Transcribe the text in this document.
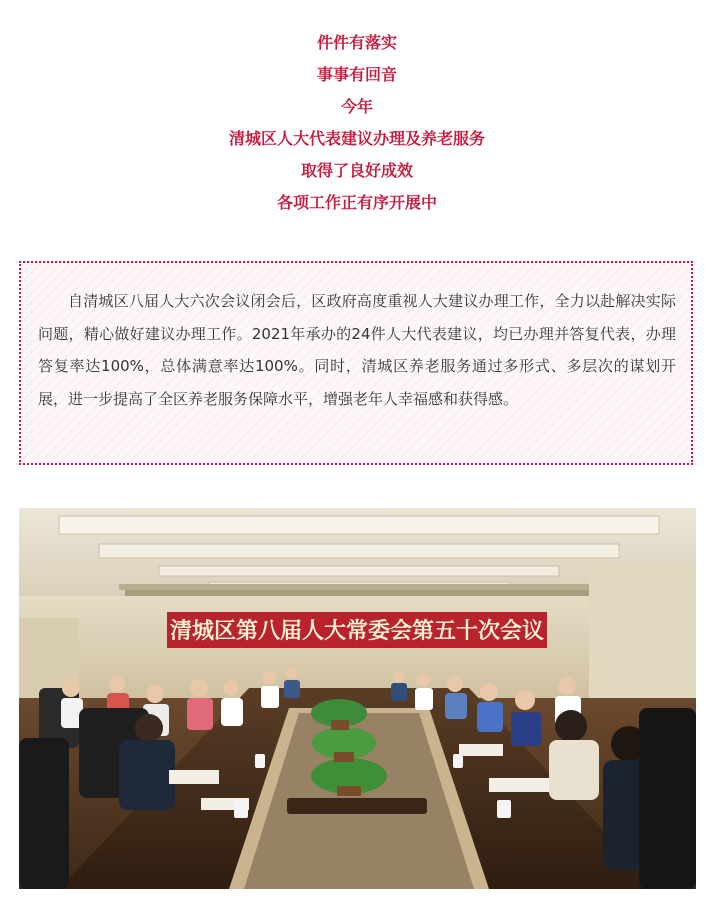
件件有落实
事事有回音
今年
清城区人大代表建议办理及养老服务
取得了良好成效
各项工作正有序开展中

自清城区八届人大六次会议闭会后，区政府高度重视人大建议办理工作，全力以赴解决实际问题，精心做好建议办理工作。2021年承办的24件人大代表建议，均已办理并答复代表，办理答复率达100%，总体满意率达100%。同时，清城区养老服务通过多形式、多层次的谋划开展，进一步提高了全区养老服务保障水平，增强老年人幸福感和获得感。

清城区第八届人大常委会第五十次会议
